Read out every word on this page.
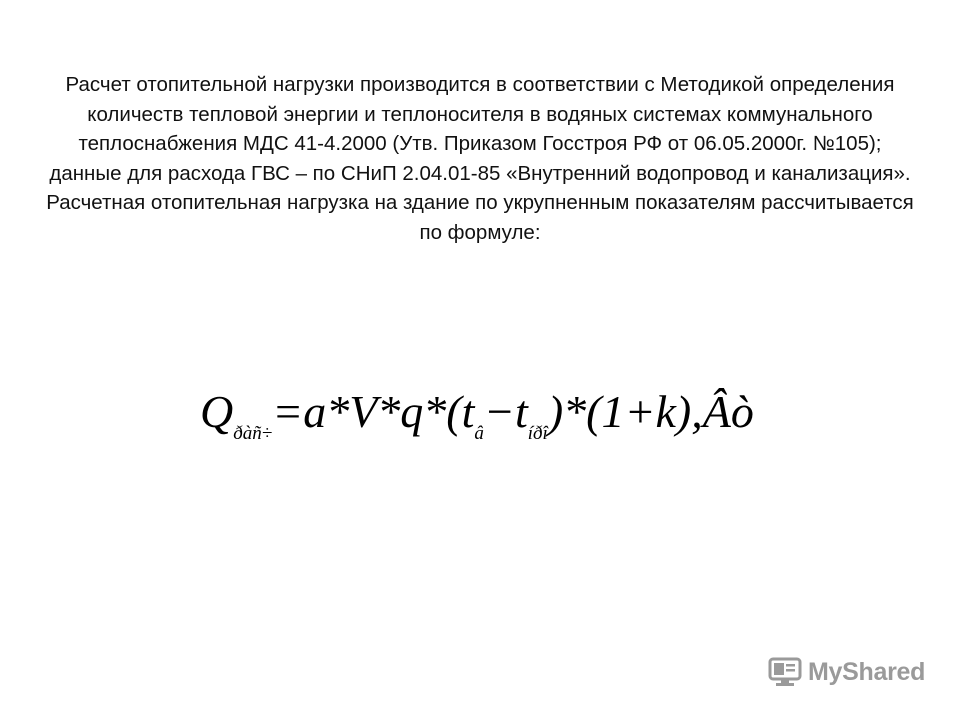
Расчет отопительной нагрузки производится в соответствии с Методикой определения количеств тепловой энергии и теплоносителя в водяных системах коммунального теплоснабжения МДС 41-4.2000 (Утв. Приказом Госстроя РФ от 06.05.2000г. №105); данные для расхода ГВС – по СНиП 2.04.01-85 «Внутренний водопровод и канализация».

Расчетная отопительная нагрузка на здание по укрупненным показателям рассчитывается по формуле:

$Q_{ðàñ\div}=a*V*q*(t_â-t_{íðî})*(1+k),Âò$
MyShared
